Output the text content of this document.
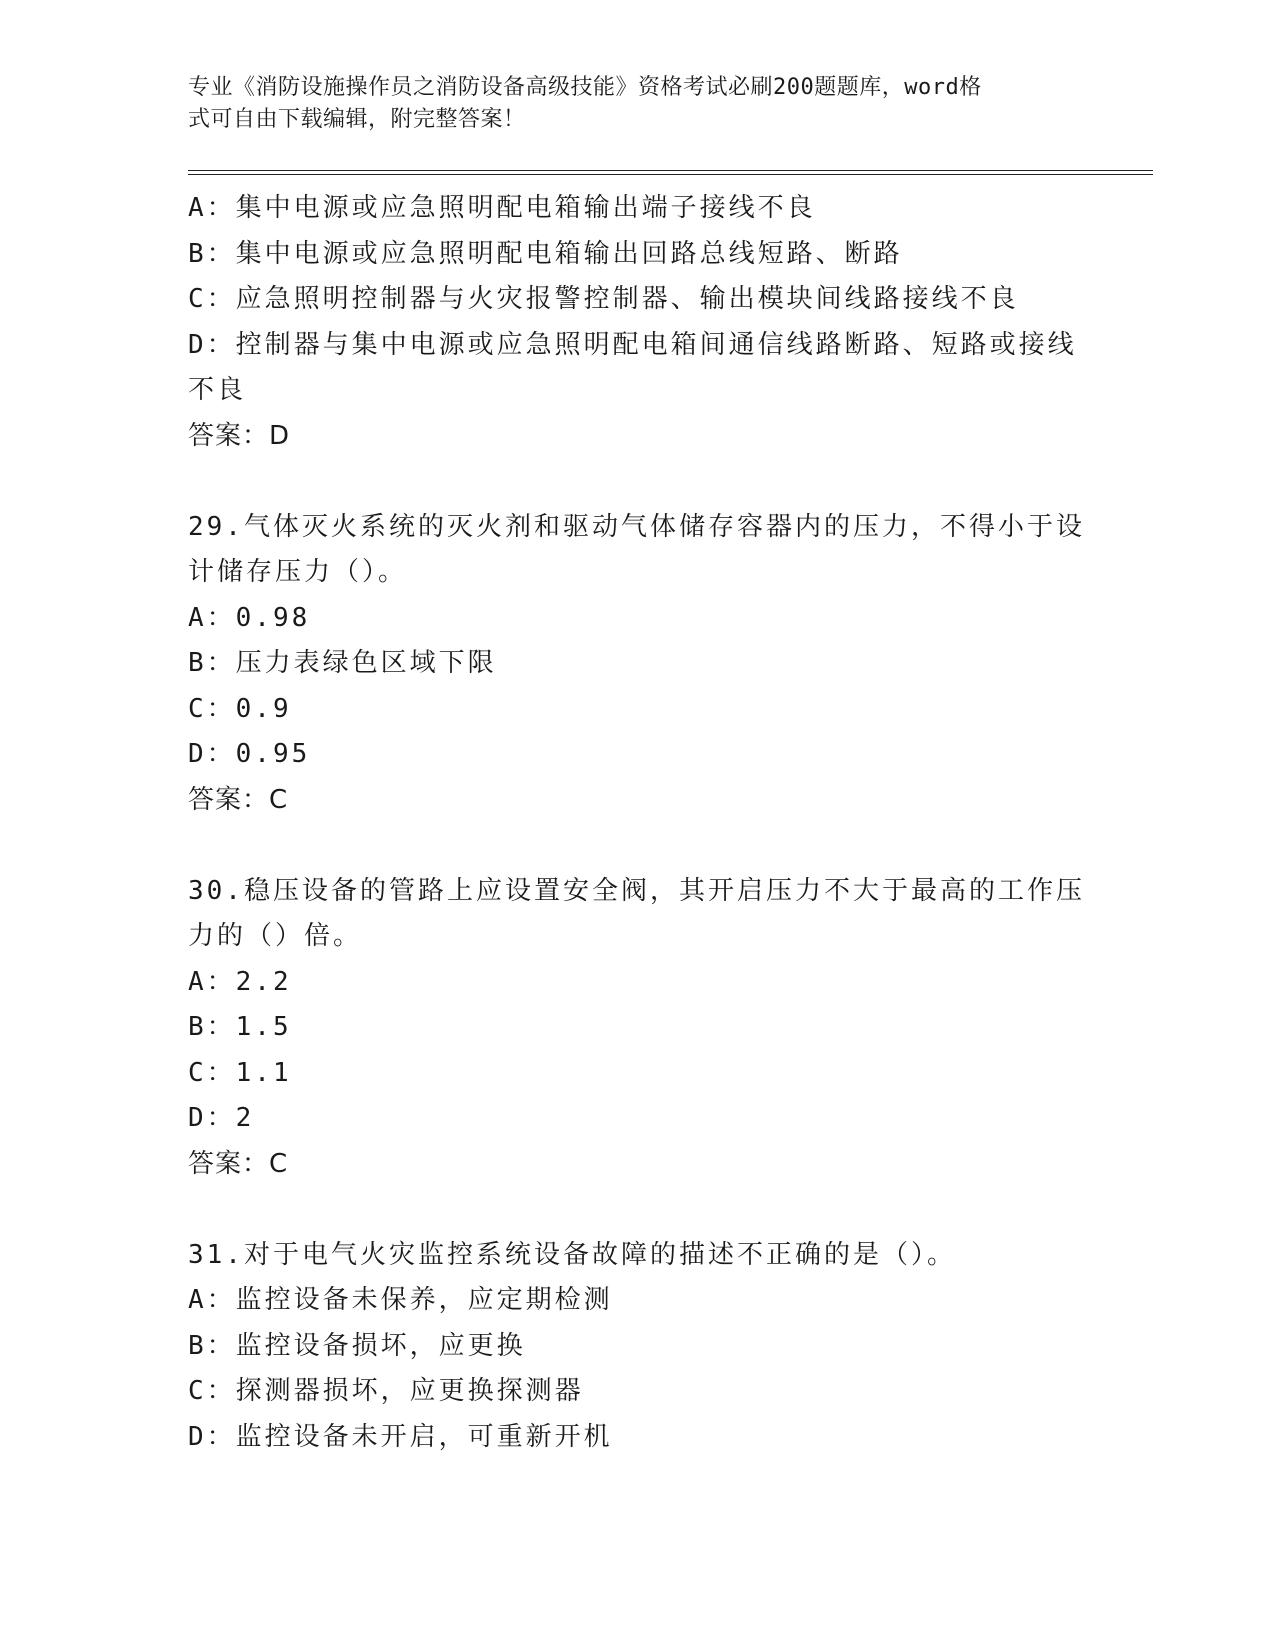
专业《消防设施操作员之消防设备高级技能》资格考试必刷200题题库，word格
式可自由下载编辑，附完整答案！

A：集中电源或应急照明配电箱输出端子接线不良

B：集中电源或应急照明配电箱输出回路总线短路、断路

C：应急照明控制器与火灾报警控制器、输出模块间线路接线不良

D：控制器与集中电源或应急照明配电箱间通信线路断路、短路或接线

不良

答案：D

29.气体灭火系统的灭火剂和驱动气体储存容器内的压力，不得小于设

计储存压力（）。

A：0.98

B：压力表绿色区域下限

C：0.9

D：0.95

答案：C

30.稳压设备的管路上应设置安全阀，其开启压力不大于最高的工作压

力的（）倍。

A：2.2

B：1.5

C：1.1

D：2

答案：C

31.对于电气火灾监控系统设备故障的描述不正确的是（）。

A：监控设备未保养，应定期检测

B：监控设备损坏，应更换

C：探测器损坏，应更换探测器

D：监控设备未开启，可重新开机
